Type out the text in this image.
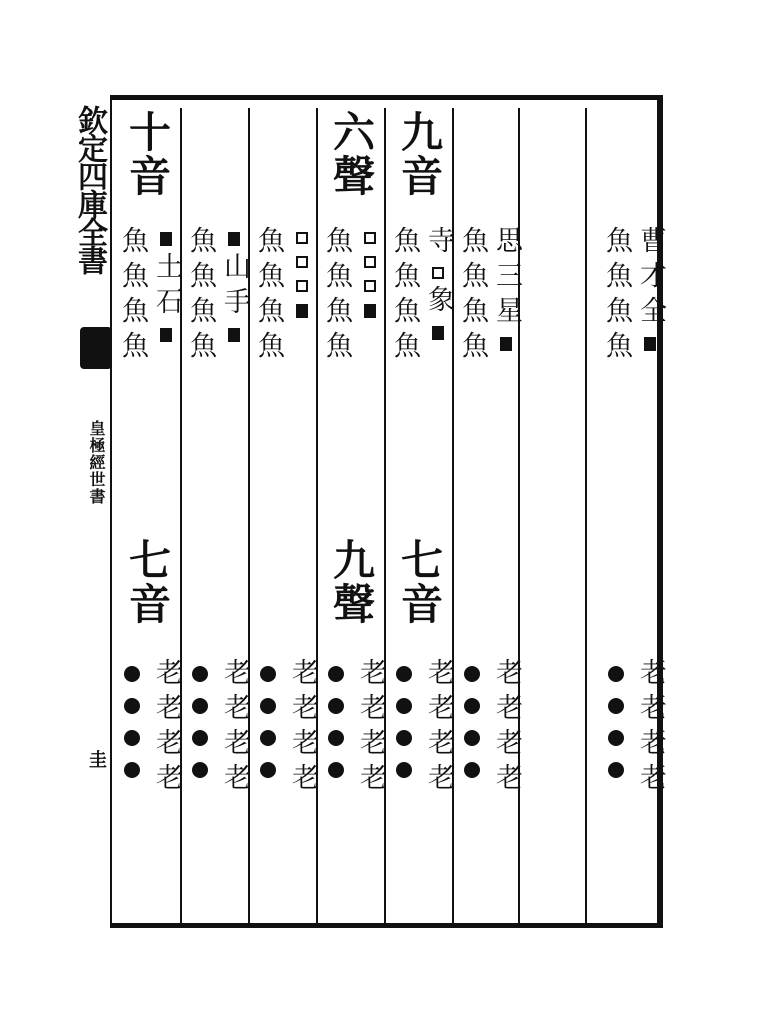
欽定四庫全書
皇極經世書
圭
曹才全
魚魚魚魚
老老老老
思三星
魚魚魚魚
老老老老
九音
寺象
魚魚魚魚
七音
老老老老
六聲
魚魚魚魚
九聲
老老老老
魚魚魚魚
老老老老
山手
魚魚魚魚
老老老老
十音
土石
魚魚魚魚
七音
老老老老
